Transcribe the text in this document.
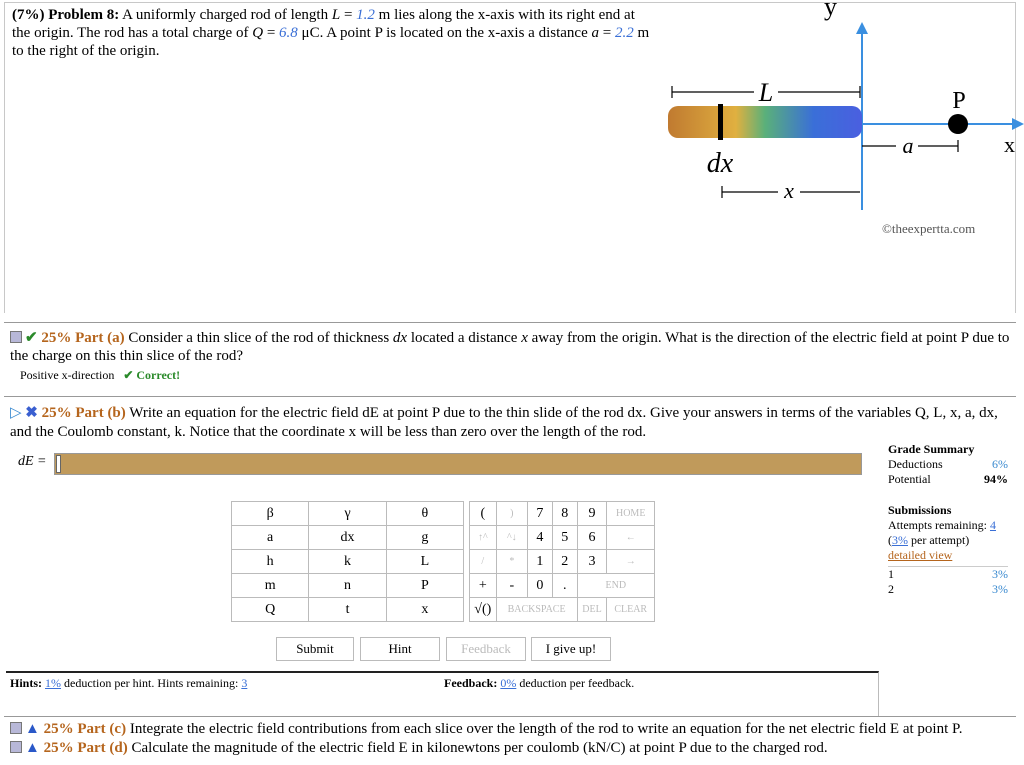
(7%) Problem 8: A uniformly charged rod of length L = 1.2 m lies along the x-axis with its right end at the origin. The rod has a total charge of Q = 6.8 μC. A point P is located on the x-axis a distance a = 2.2 m to the right of the origin.
L
y
P
a	x
dx
x
©theexpertta.com
✔ 25% Part (a) Consider a thin slice of the rod of thickness dx located a distance x away from the origin. What is the direction of the electric field at point P due to the charge on this thin slice of the rod?
Positive x-direction ✔ Correct!
▷ ✖ 25% Part (b) Write an equation for the electric field dE at point P due to the thin slide of the rod dx. Give your answers in terms of the variables Q, L, x, a, dx, and the Coulomb constant, k. Notice that the coordinate x will be less than zero over the length of the rod.
dE =
β	γ	θ
a	dx	g
h	k	L
m	n	P
Q	t	x
(	)	7	8	9	HOME
↑^	^↓	4	5	6	←
/	*	1	2	3	→
+	-	0	.	END	
√()	BACKSPACE			DEL	CLEAR
Submit	Hint	Feedback	I give up!
Grade Summary
Deductions	6%
Potential	94%
Submissions
Attempts remaining: 4
(3% per attempt)
detailed view
1	3%
2	3%
Hints: 1% deduction per hint. Hints remaining: 3	Feedback: 0% deduction per feedback.
▲ 25% Part (c) Integrate the electric field contributions from each slice over the length of the rod to write an equation for the net electric field E at point P.
▲ 25% Part (d) Calculate the magnitude of the electric field E in kilonewtons per coulomb (kN/C) at point P due to the charged rod.
